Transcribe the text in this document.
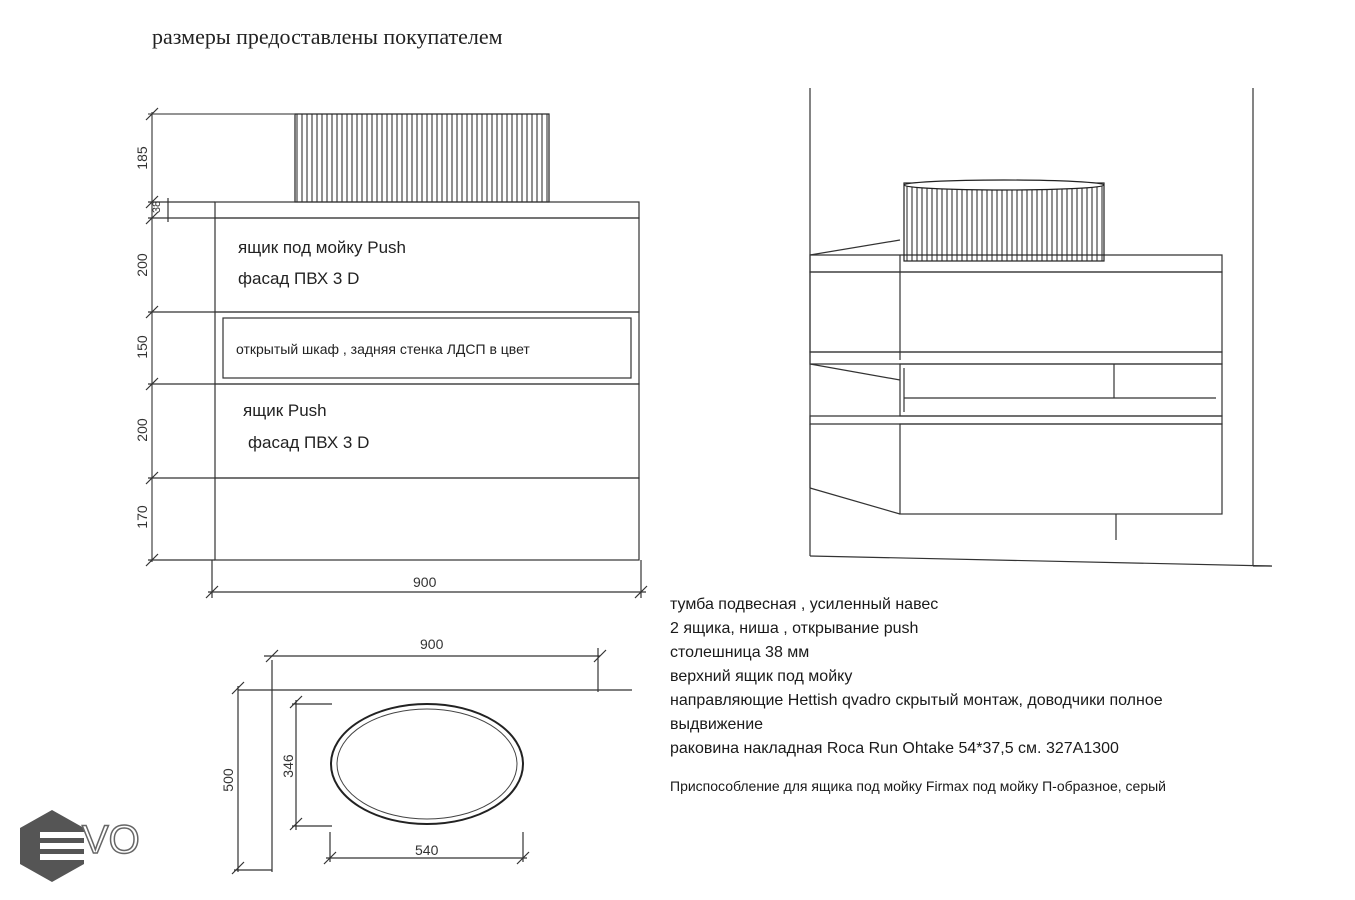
размеры предоставлены покупателем
ящик под мойку Push
фасад ПВХ 3 D
открытый шкаф , задняя стенка ЛДСП в цвет
ящик Push
фасад ПВХ 3 D
185
38
200
150
200
170
900
900
500
346
540
тумба подвесная , усиленный навес
2 ящика, ниша , открывание push
столешница 38 мм
верхний ящик под мойку
направляющие Hettish qvadro скрытый монтаж, доводчики полное
выдвижение
раковина накладная Roca Run Ohtake 54*37,5 см. 327A1300
Приспособление для ящика под мойку Firmax под мойку П-образное, серый
VO
